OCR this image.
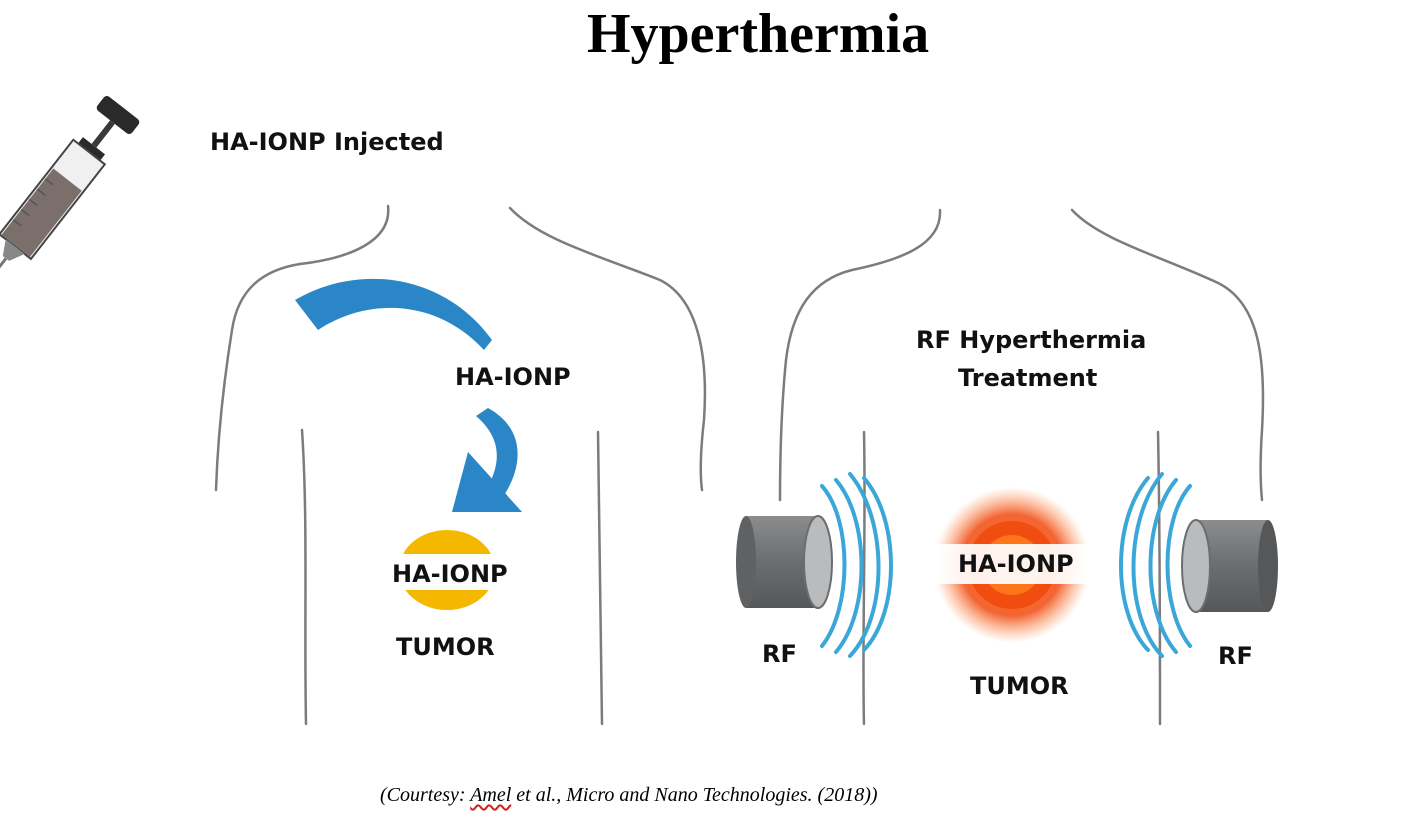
Hyperthermia

HA-IONP Injected

HA-IONP

HA-IONP

TUMOR

RF Hyperthermia

Treatment

HA-IONP

TUMOR

RF	RF

(Courtesy: Amel et al., Micro and Nano Technologies. (2018))
